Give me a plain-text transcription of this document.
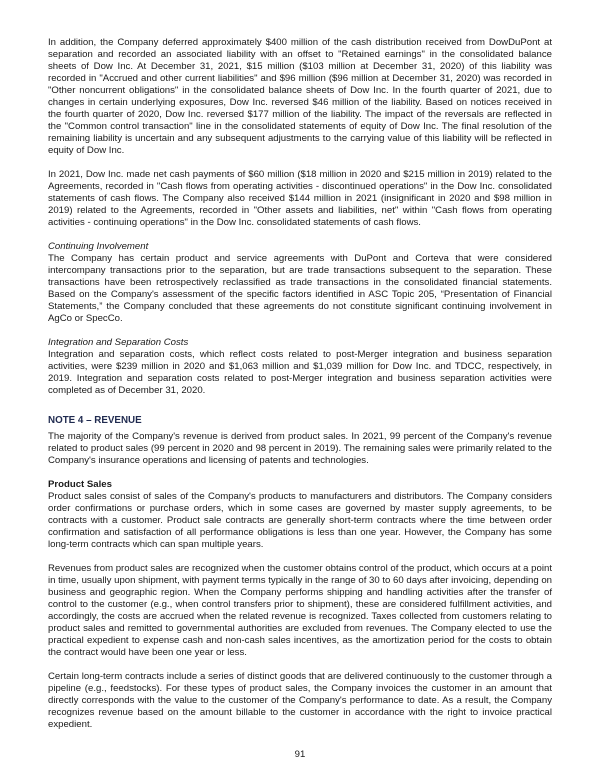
In addition, the Company deferred approximately $400 million of the cash distribution received from DowDuPont at separation and recorded an associated liability with an offset to "Retained earnings" in the consolidated balance sheets of Dow Inc. At December 31, 2021, $15 million ($103 million at December 31, 2020) of this liability was recorded in "Accrued and other current liabilities" and $96 million ($96 million at December 31, 2020) was recorded in "Other noncurrent obligations" in the consolidated balance sheets of Dow Inc. In the fourth quarter of 2021, due to changes in certain underlying exposures, Dow Inc. reversed $46 million of the liability. Based on notices received in the fourth quarter of 2020, Dow Inc. reversed $177 million of the liability. The impact of the reversals are reflected in the "Common control transaction" line in the consolidated statements of equity of Dow Inc. The final resolution of the remaining liability is uncertain and any subsequent adjustments to the carrying value of this liability will be reflected in equity of Dow Inc.

In 2021, Dow Inc. made net cash payments of $60 million ($18 million in 2020 and $215 million in 2019) related to the Agreements, recorded in "Cash flows from operating activities - discontinued operations" in the Dow Inc. consolidated statements of cash flows. The Company also received $144 million in 2021 (insignificant in 2020 and $98 million in 2019) related to the Agreements, recorded in "Other assets and liabilities, net" within "Cash flows from operating activities - continuing operations" in the Dow Inc. consolidated statements of cash flows.

Continuing Involvement

The Company has certain product and service agreements with DuPont and Corteva that were considered intercompany transactions prior to the separation, but are trade transactions subsequent to the separation. These transactions have been retrospectively reclassified as trade transactions in the consolidated financial statements. Based on the Company's assessment of the specific factors identified in ASC Topic 205, “Presentation of Financial Statements,” the Company concluded that these agreements do not constitute significant continuing involvement in AgCo or SpecCo.

Integration and Separation Costs

Integration and separation costs, which reflect costs related to post-Merger integration and business separation activities, were $239 million in 2020 and $1,063 million and $1,039 million for Dow Inc. and TDCC, respectively, in 2019. Integration and separation costs related to post-Merger integration and business separation activities were completed as of December 31, 2020.

NOTE 4 – REVENUE

The majority of the Company's revenue is derived from product sales. In 2021, 99 percent of the Company's revenue related to product sales (99 percent in 2020 and 98 percent in 2019). The remaining sales were primarily related to the Company's insurance operations and licensing of patents and technologies.

Product Sales

Product sales consist of sales of the Company's products to manufacturers and distributors. The Company considers order confirmations or purchase orders, which in some cases are governed by master supply agreements, to be contracts with a customer. Product sale contracts are generally short-term contracts where the time between order confirmation and satisfaction of all performance obligations is less than one year. However, the Company has some long-term contracts which can span multiple years.

Revenues from product sales are recognized when the customer obtains control of the product, which occurs at a point in time, usually upon shipment, with payment terms typically in the range of 30 to 60 days after invoicing, depending on business and geographic region. When the Company performs shipping and handling activities after the transfer of control to the customer (e.g., when control transfers prior to shipment), these are considered fulfillment activities, and accordingly, the costs are accrued when the related revenue is recognized. Taxes collected from customers relating to product sales and remitted to governmental authorities are excluded from revenues. The Company elected to use the practical expedient to expense cash and non-cash sales incentives, as the amortization period for the costs to obtain the contract would have been one year or less.

Certain long-term contracts include a series of distinct goods that are delivered continuously to the customer through a pipeline (e.g., feedstocks). For these types of product sales, the Company invoices the customer in an amount that directly corresponds with the value to the customer of the Company's performance to date. As a result, the Company recognizes revenue based on the amount billable to the customer in accordance with the right to invoice practical expedient.

91
